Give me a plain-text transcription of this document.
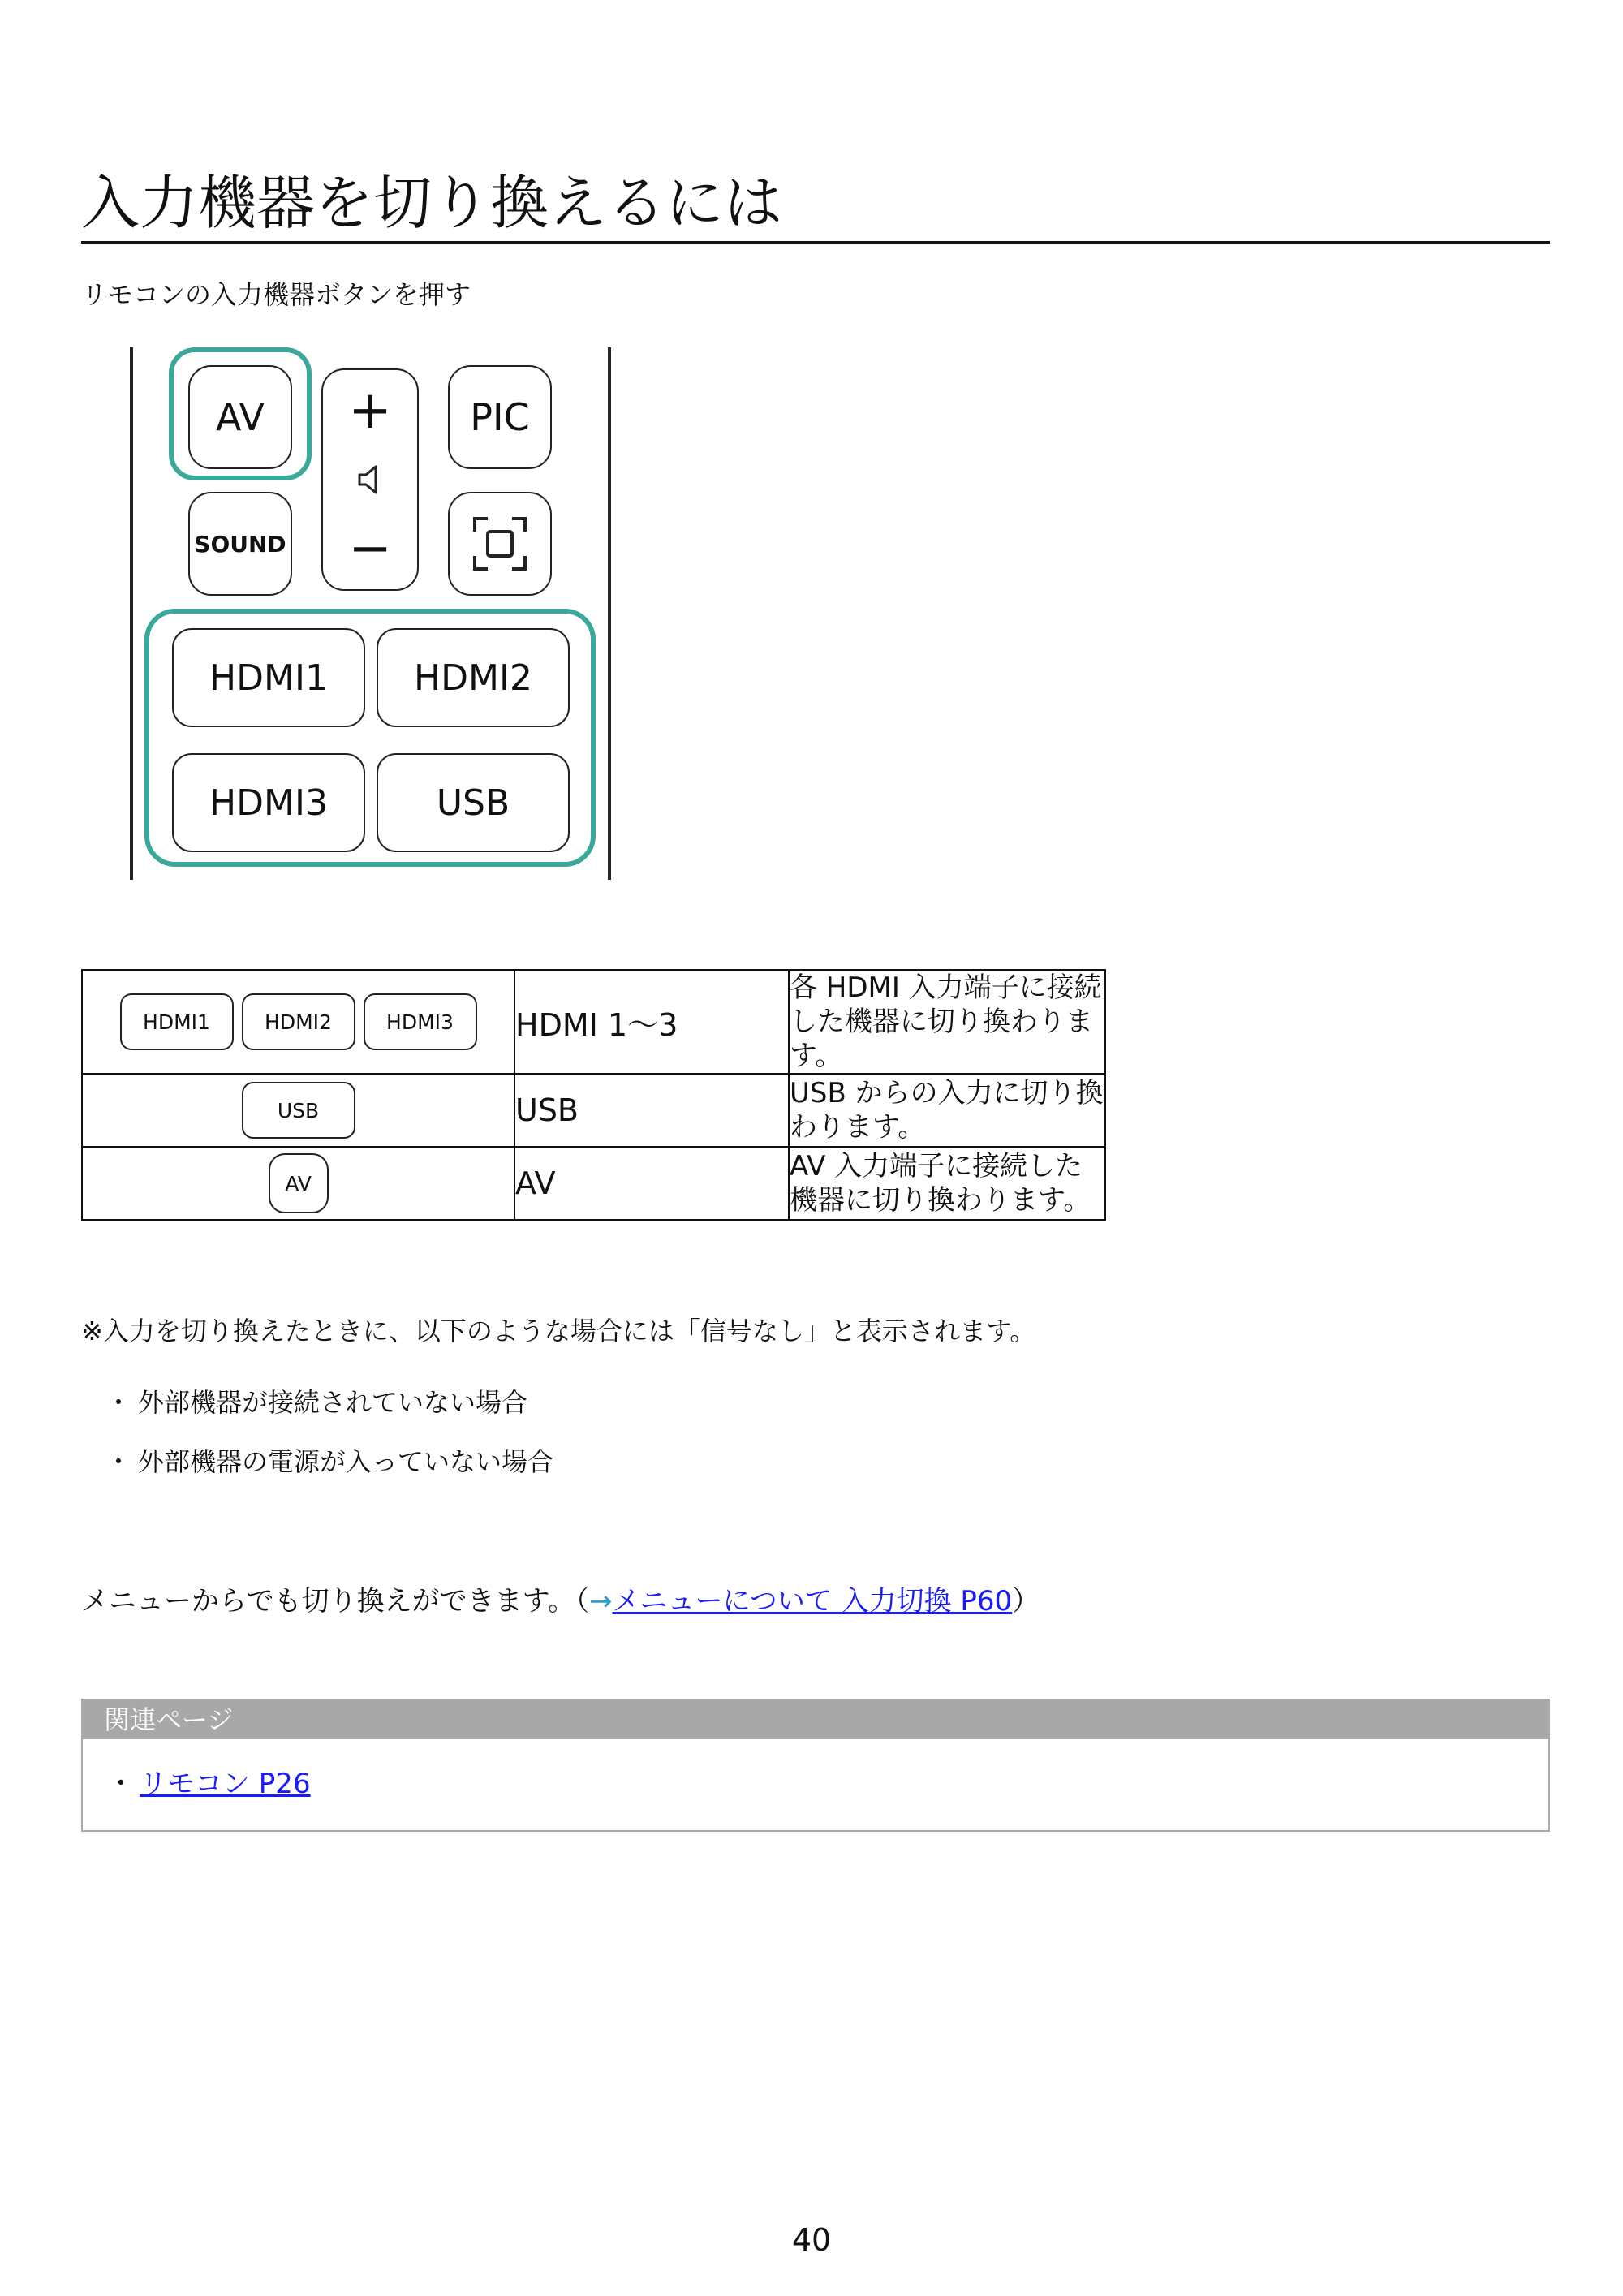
入力機器を切り換えるには
リモコンの入力機器ボタンを押す
AV	+
−
PIC
SOUND
HDMI1	HDMI2
HDMI3	USB
HDMI1 HDMI2 HDMI3	HDMI 1～3	各 HDMI 入力端子に接続した機器に切り換わります。
USB	USB	USB からの入力に切り換わります。
AV	AV	AV 入力端子に接続した機器に切り換わります。
※入力を切り換えたときに、以下のような場合には「信号なし」と表示されます。
・ 外部機器が接続されていない場合
・ 外部機器の電源が入っていない場合
メニューからでも切り換えができます。（→メニューについて 入力切換 P60）
関連ページ
・ リモコン P26
40
